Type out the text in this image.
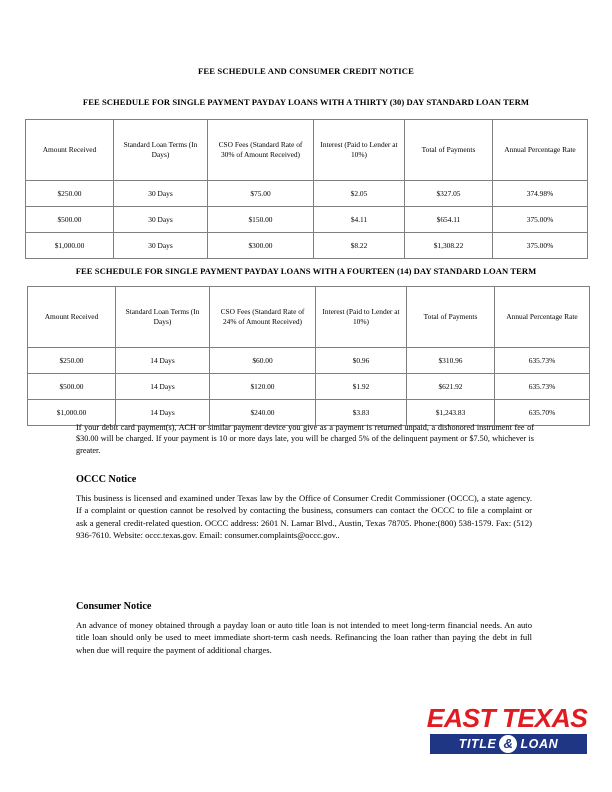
FEE SCHEDULE AND CONSUMER CREDIT NOTICE
FEE SCHEDULE FOR SINGLE PAYMENT PAYDAY LOANS WITH A THIRTY (30) DAY STANDARD LOAN TERM
Amount Received	Standard Loan Terms (In Days)	CSO Fees (Standard Rate of 30% of Amount Received)	Interest (Paid to Lender at 10%)	Total of Payments	Annual Percentage Rate
$250.00	30 Days	$75.00	$2.05	$327.05	374.98%
$500.00	30 Days	$150.00	$4.11	$654.11	375.00%
$1,000.00	30 Days	$300.00	$8.22	$1,308.22	375.00%
FEE SCHEDULE FOR SINGLE PAYMENT PAYDAY LOANS WITH A FOURTEEN (14) DAY STANDARD LOAN TERM
Amount Received	Standard Loan Terms (In Days)	CSO Fees (Standard Rate of 24% of Amount Received)	Interest (Paid to Lender at 10%)	Total of Payments	Annual Percentage Rate
$250.00	14 Days	$60.00	$0.96	$310.96	635.73%
$500.00	14 Days	$120.00	$1.92	$621.92	635.73%
$1,000.00	14 Days	$240.00	$3.83	$1,243.83	635.70%
If your debit card payment(s), ACH or similar payment device you give as a payment is returned unpaid, a dishonored instrument fee of $30.00 will be charged. If your payment is 10 or more days late, you will be charged 5% of the delinquent payment or $7.50, whichever is greater.
OCCC Notice
This business is licensed and examined under Texas law by the Office of Consumer Credit Commissioner (OCCC), a state agency. If a complaint or question cannot be resolved by contacting the business, consumers can contact the OCCC to file a complaint or ask a general credit-related question. OCCC address: 2601 N. Lamar Blvd., Austin, Texas 78705. Phone:(800) 538-1579. Fax: (512) 936-7610. Website: occc.texas.gov. Email: consumer.complaints@occc.gov..
Consumer Notice
An advance of money obtained through a payday loan or auto title loan is not intended to meet long-term financial needs. An auto title loan should only be used to meet immediate short-term cash needs. Refinancing the loan rather than paying the debt in full when due will require the payment of additional charges.
EAST TEXAS
TITLE & LOAN
